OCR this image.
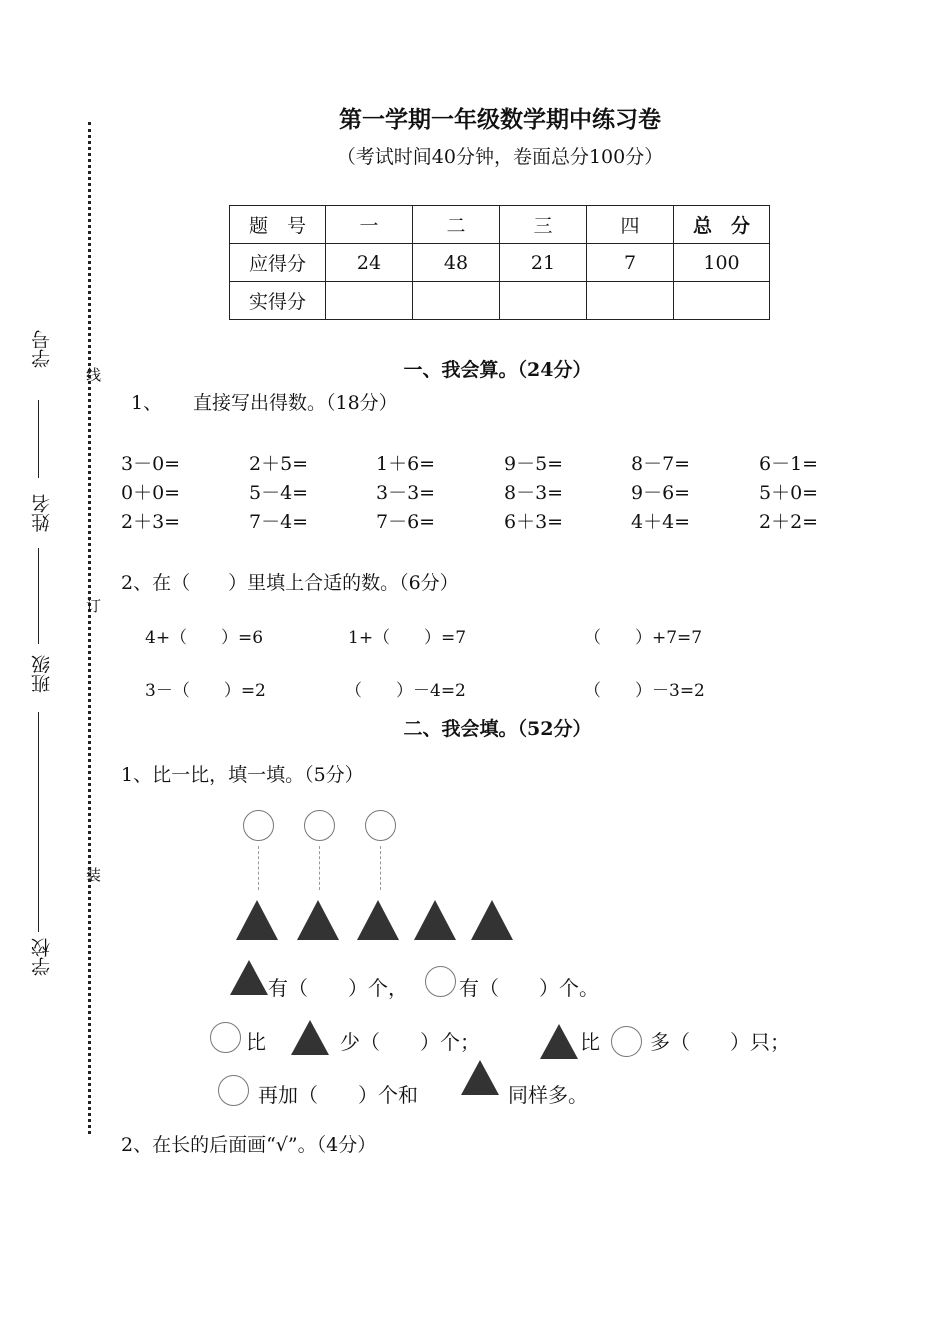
第一学期一年级数学期中练习卷
（考试时间40分钟，卷面总分100分）
线
订
装
学号
姓名
班级
学校
题　号	一	二	三	四	总　分
应得分	24	48	21	7	100
实得分					
一、我会算。（24分）
1、 直接写出得数。（18分）
3－0=	2＋5=	1＋6=	9－5=	8－7=	6－1=
0＋0=	5－4=	3－3=	8－3=	9－6=	5＋0=
2＋3=	7－4=	7－6=	6＋3=	4＋4=	2＋2=
2、在（　　）里填上合适的数。（6分）
4+（　　）=6	1+（　　）=7	（　　）+7=7
3－（　　）=2	（　　）－4=2	（　　）－3=2
二、我会填。（52分）
1、比一比，填一填。（5分）
有（　　）个，	有（　　）个。
比	少（　　）个；	比	多（　　）只；
再加（　　）个和	同样多。
2、在长的后面画“√”。（4分）
